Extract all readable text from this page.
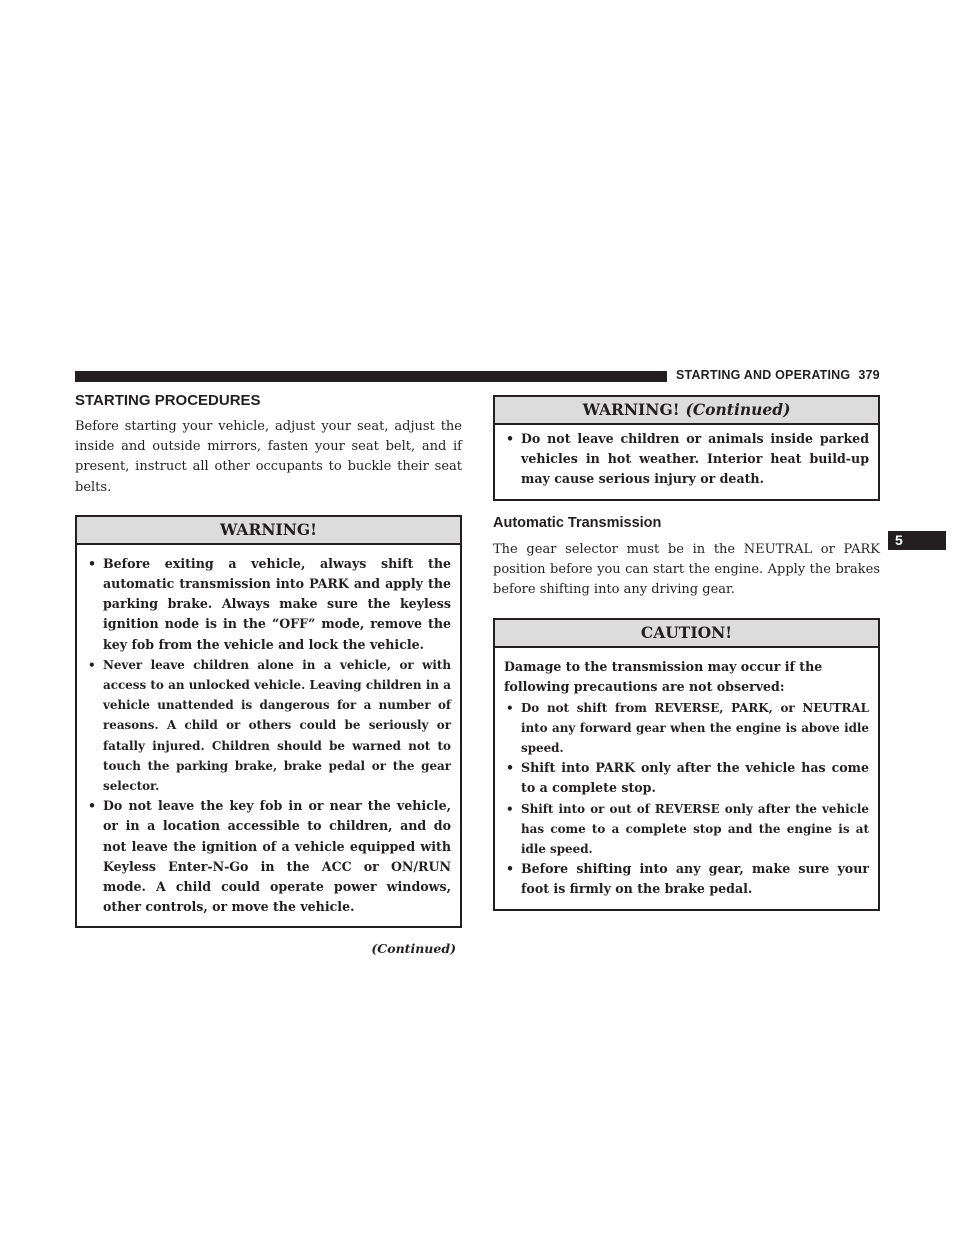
STARTING AND OPERATING 379
5
STARTING PROCEDURES

Before starting your vehicle, adjust your seat, adjust the inside and outside mirrors, fasten your seat belt, and if present, instruct all other occupants to buckle their seat belts.

WARNING!
• Before exiting a vehicle, always shift the automatic transmission into PARK and apply the parking brake. Always make sure the keyless ignition node is in the “OFF” mode, remove the key fob from the vehicle and lock the vehicle.
• Never leave children alone in a vehicle, or with access to an unlocked vehicle. Leaving children in a vehicle unattended is dangerous for a number of reasons. A child or others could be seriously or fatally injured. Children should be warned not to touch the parking brake, brake pedal or the gear selector.
• Do not leave the key fob in or near the vehicle, or in a location accessible to children, and do not leave the ignition of a vehicle equipped with Keyless Enter-N-Go in the ACC or ON/RUN mode. A child could operate power windows, other controls, or move the vehicle.
(Continued)
WARNING! (Continued)
• Do not leave children or animals inside parked vehicles in hot weather. Interior heat build-up may cause serious injury or death.
Automatic Transmission

The gear selector must be in the NEUTRAL or PARK position before you can start the engine. Apply the brakes before shifting into any driving gear.

CAUTION!

Damage to the transmission may occur if the following precautions are not observed:

• Do not shift from REVERSE, PARK, or NEUTRAL into any forward gear when the engine is above idle speed.
• Shift into PARK only after the vehicle has come to a complete stop.
• Shift into or out of REVERSE only after the vehicle has come to a complete stop and the engine is at idle speed.
• Before shifting into any gear, make sure your foot is firmly on the brake pedal.
